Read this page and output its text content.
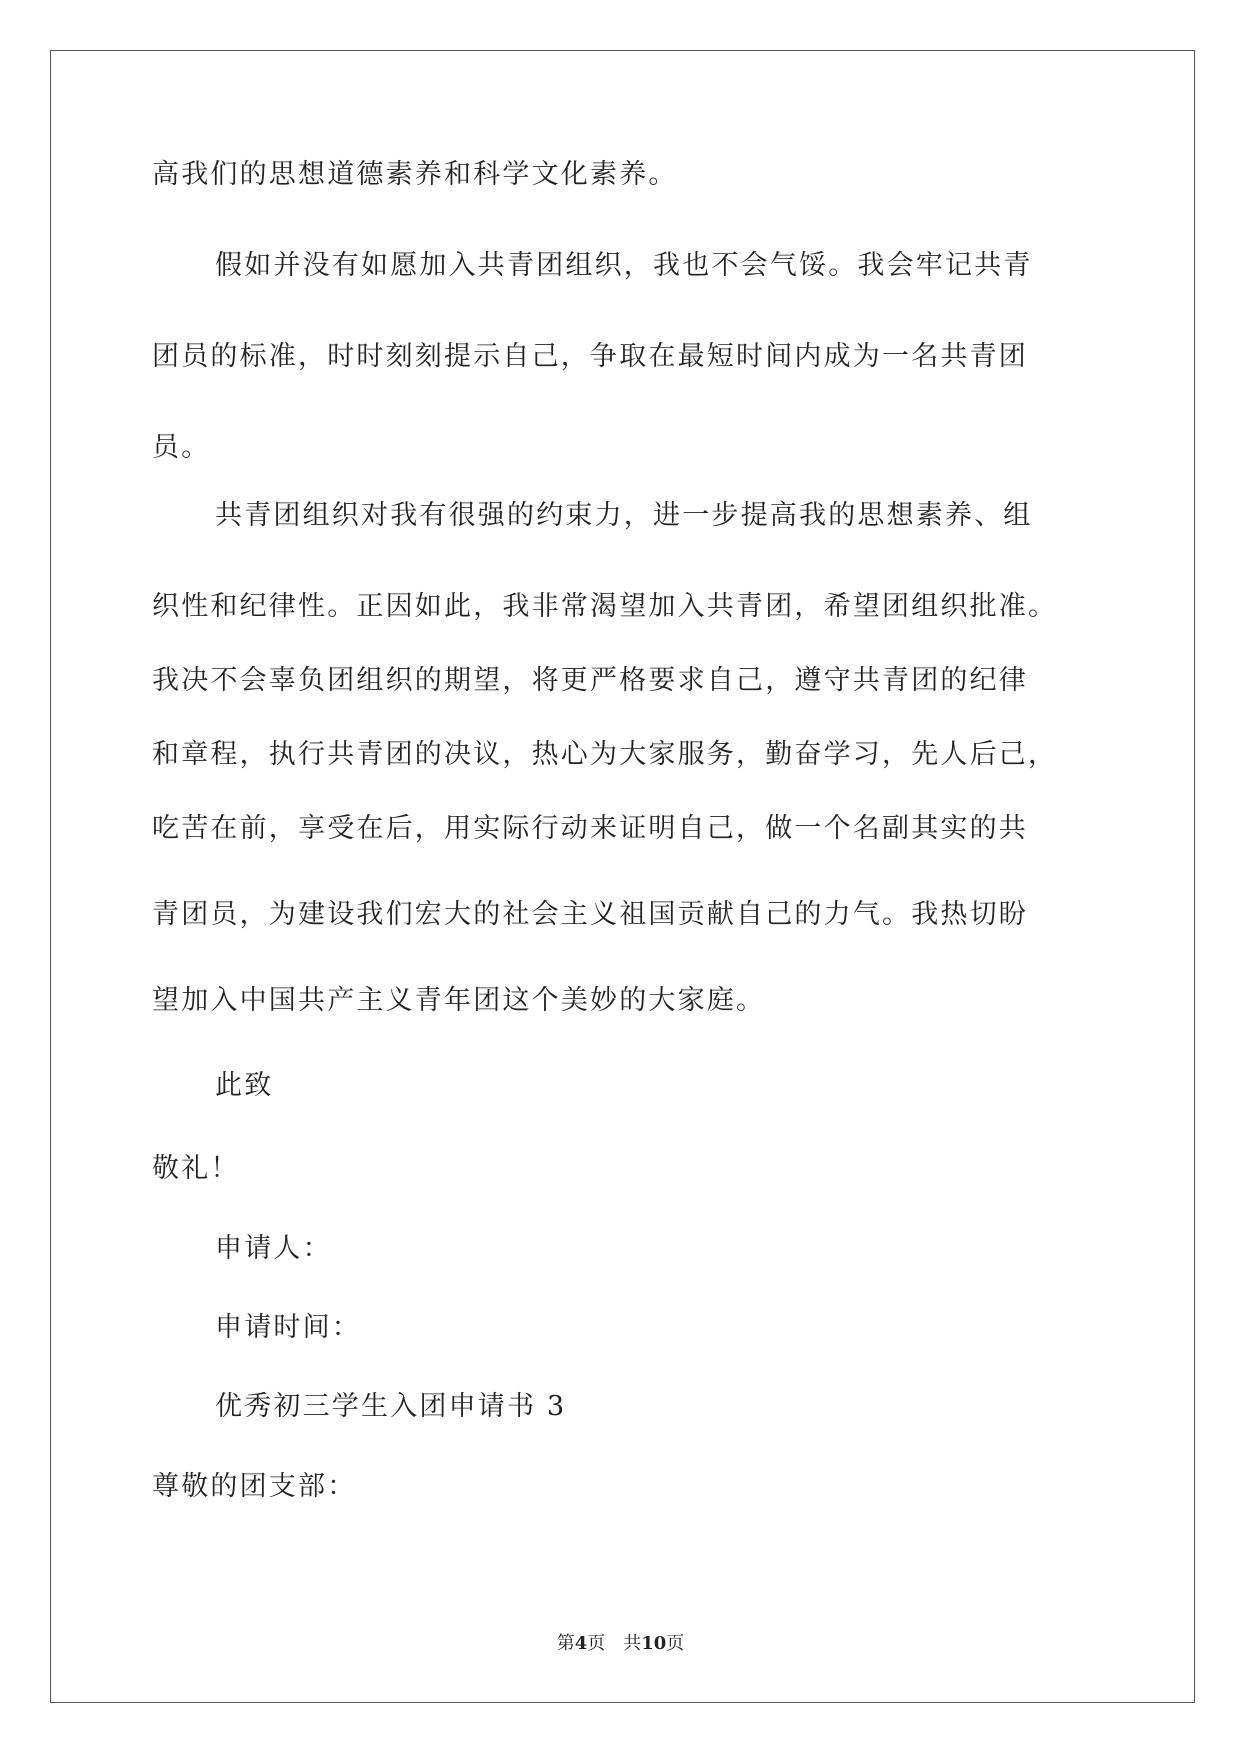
高我们的思想道德素养和科学文化素养。
假如并没有如愿加入共青团组织，我也不会气馁。我会牢记共青
团员的标准，时时刻刻提示自己，争取在最短时间内成为一名共青团
员。
共青团组织对我有很强的约束力，进一步提高我的思想素养、组
织性和纪律性。正因如此，我非常渴望加入共青团，希望团组织批准。
我决不会辜负团组织的期望，将更严格要求自己，遵守共青团的纪律
和章程，执行共青团的决议，热心为大家服务，勤奋学习，先人后己，
吃苦在前，享受在后，用实际行动来证明自己，做一个名副其实的共
青团员，为建设我们宏大的社会主义祖国贡献自己的力气。我热切盼
望加入中国共产主义青年团这个美妙的大家庭。
此致
敬礼！
申请人：
申请时间：
优秀初三学生入团申请书 3
尊敬的团支部：
第4页 共10页
